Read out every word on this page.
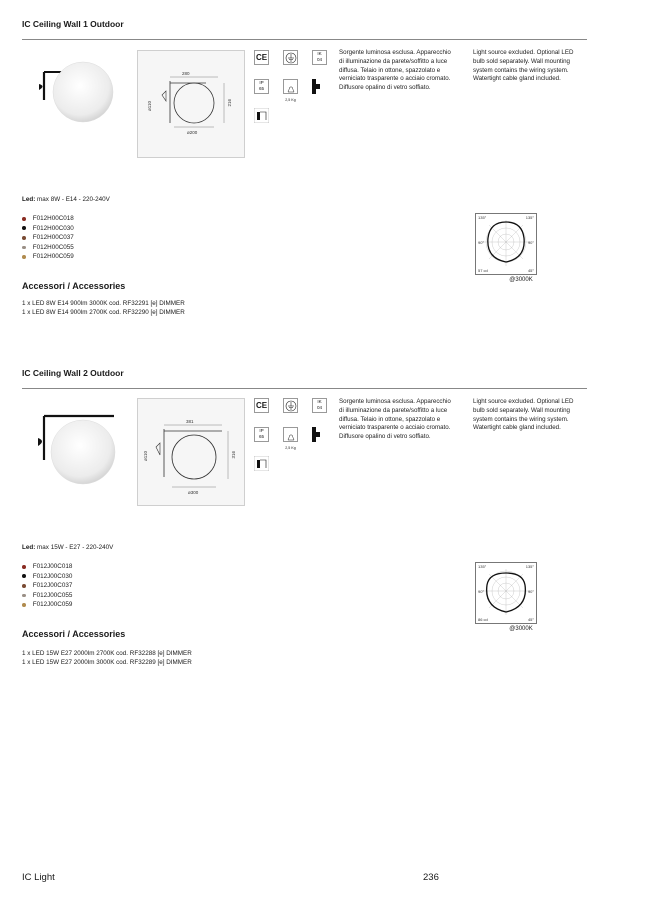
IC Ceiling Wall 1 Outdoor
280
216
ø110
ø200
CE	IK
04
IP
65
2,5 Kg
Sorgente luminosa esclusa. Apparecchio di illuminazione da parete/soffitto a luce diffusa. Telaio in ottone, spazzolato e verniciato trasparente o acciaio cromato. Diffusore opalino di vetro soffiato.
Light source excluded. Optional LED bulb sold separately. Wall mounting system contains the wiring system. Watertight cable gland included.
Led: max 8W - E14 - 220-240V
F012H00C018
F012H00C030
F012H00C037
F012H00C055
F012H00C059
Accessori / Accessories
1 x LED 8W E14 900lm 3000K cod. RF32291 [e] DIMMER
1 x LED 8W E14 900lm 2700K cod. RF32290 [e] DIMMER
135°	135°
90°	90°
57 cd	45°
@3000K
IC Ceiling Wall 2 Outdoor
381
316
ø110
ø300
CE	IK
04
IP
65
2,5 Kg
Sorgente luminosa esclusa. Apparecchio di illuminazione da parete/soffitto a luce diffusa. Telaio in ottone, spazzolato e verniciato trasparente o acciaio cromato. Diffusore opalino di vetro soffiato.
Light source excluded. Optional LED bulb sold separately. Wall mounting system contains the wiring system. Watertight cable gland included.
Led: max 15W - E27 - 220-240V
F012J00C018
F012J00C030
F012J00C037
F012J00C055
F012J00C059
Accessori / Accessories
1 x LED 15W E27 2000lm 2700K cod. RF32288 [e] DIMMER
1 x LED 15W E27 2000lm 3000K cod. RF32289 [e] DIMMER
135°	135°
90°	90°
86 cd	45°
@3000K
IC Light	236
